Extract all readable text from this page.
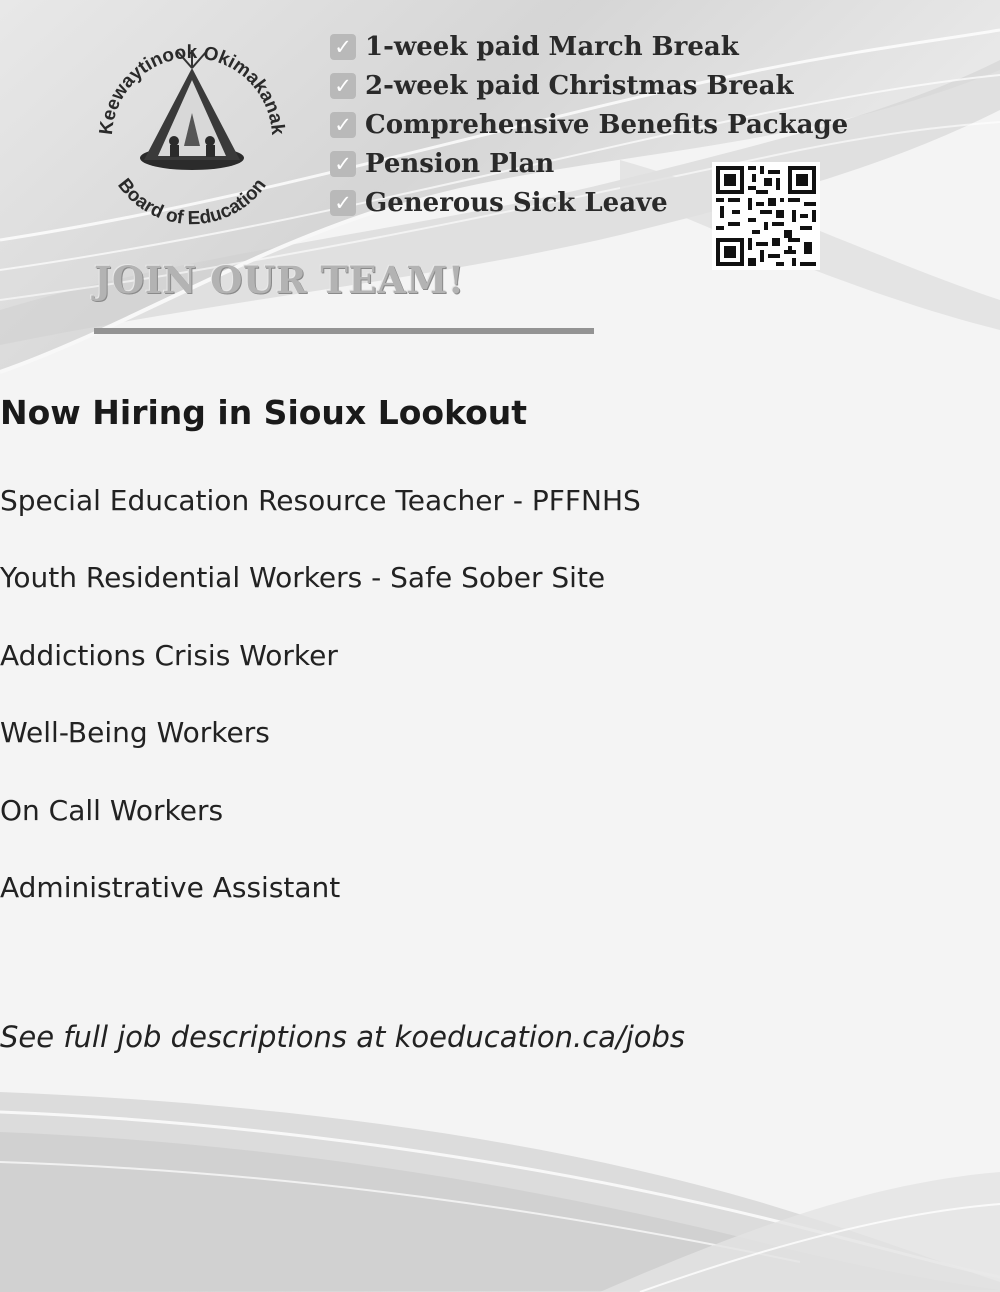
Keewaytinook Okimakanak
Board of Education
✓ 1-week paid March Break
✓ 2-week paid Christmas Break
✓ Comprehensive Benefits Package
✓ Pension Plan
✓ Generous Sick Leave
JOIN OUR TEAM!
Now Hiring in Sioux Lookout
Special Education Resource Teacher - PFFNHS
Youth Residential Workers - Safe Sober Site
Addictions Crisis Worker
Well-Being Workers
On Call Workers
Administrative Assistant

See full job descriptions at koeducation.ca/jobs
